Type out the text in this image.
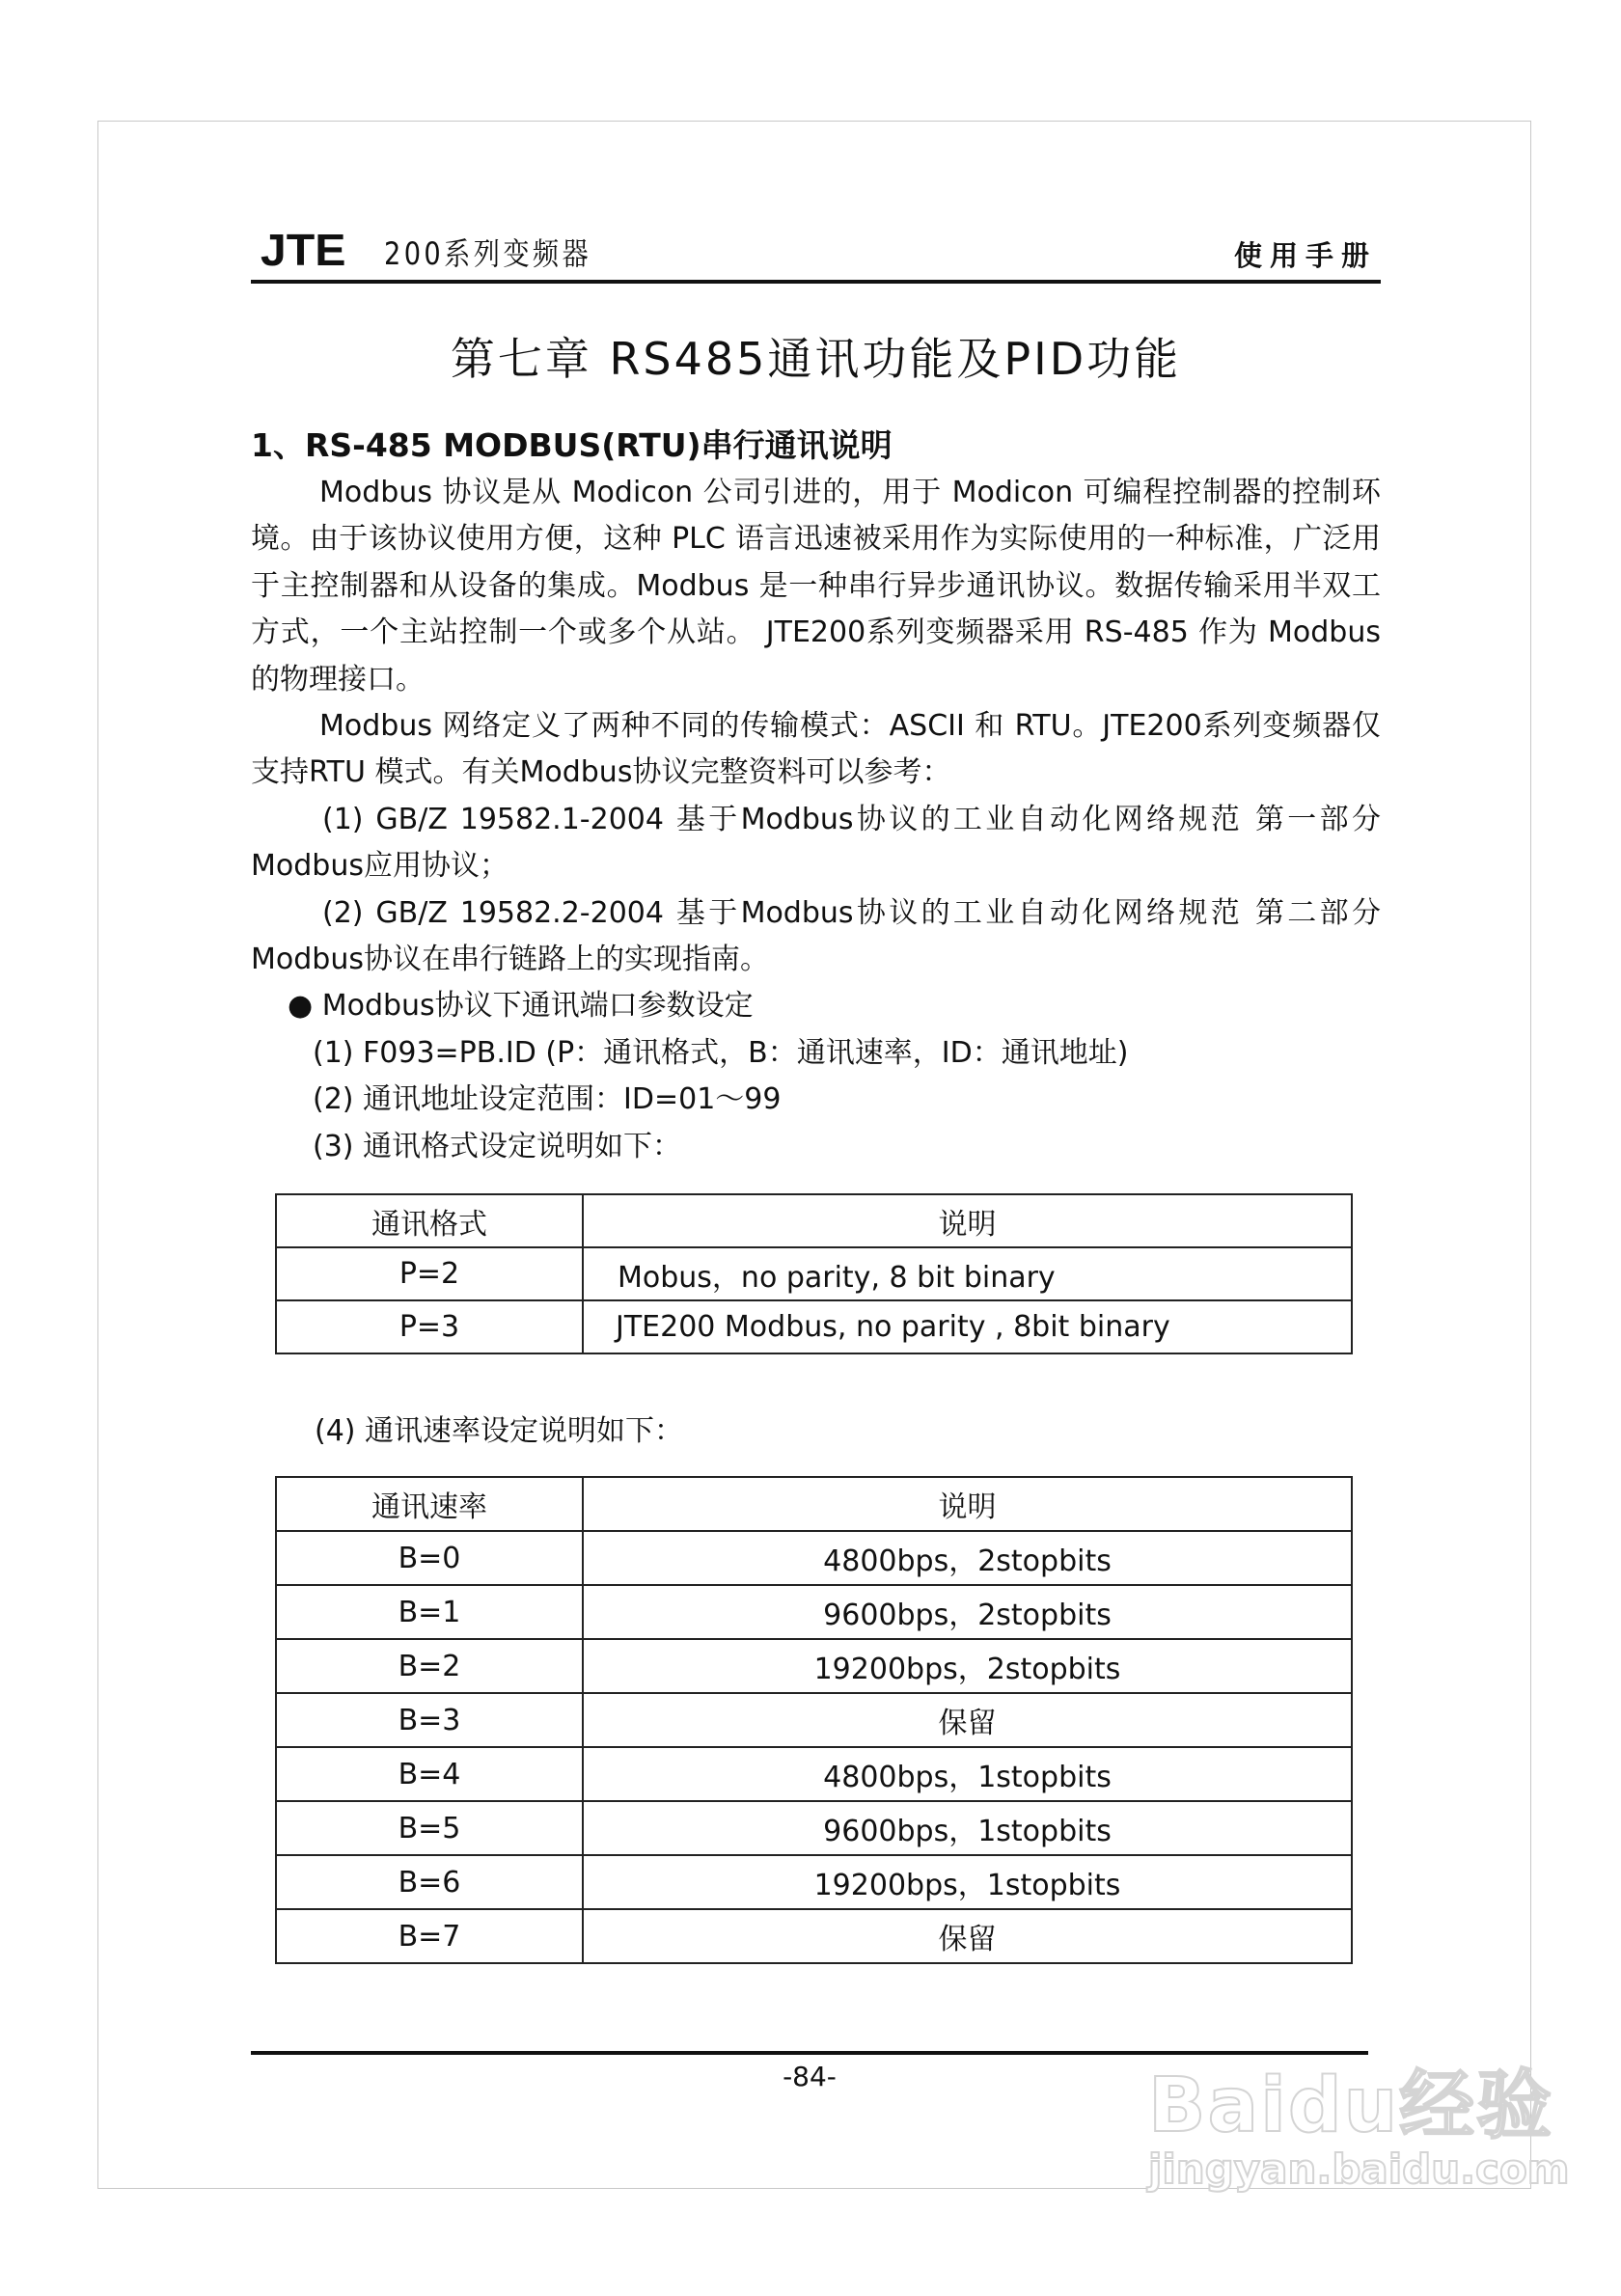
JTE 200系列变频器	使用手册
第七章 RS485通讯功能及PID功能
1、RS-485 MODBUS(RTU)串行通讯说明
Modbus 协议是从 Modicon 公司引进的，用于 Modicon 可编程控制器的控制环境。由于该协议使用方便，这种 PLC 语言迅速被采用作为实际使用的一种标准，广泛用于主控制器和从设备的集成。Modbus 是一种串行异步通讯协议。数据传输采用半双工方式，一个主站控制一个或多个从站。 JTE200系列变频器采用 RS-485 作为 Modbus 的物理接口。
Modbus 网络定义了两种不同的传输模式：ASCII 和 RTU。JTE200系列变频器仅支持RTU 模式。有关Modbus协议完整资料可以参考：
(1) GB/Z 19582.1-2004 基于Modbus协议的工业自动化网络规范 第一部分 Modbus应用协议；
(2) GB/Z 19582.2-2004 基于Modbus协议的工业自动化网络规范 第二部分 Modbus协议在串行链路上的实现指南。
● Modbus协议下通讯端口参数设定
(1) F093=PB.ID (P：通讯格式，B：通讯速率，ID：通讯地址)
(2) 通讯地址设定范围：ID=01～99
(3) 通讯格式设定说明如下：
通讯格式	说明
P=2	Mobus，no parity, 8 bit binary
P=3	JTE200 Modbus, no parity , 8bit binary
(4) 通讯速率设定说明如下：
通讯速率	说明
B=0	4800bps，2stopbits
B=1	9600bps，2stopbits
B=2	19200bps，2stopbits
B=3	保留
B=4	4800bps，1stopbits
B=5	9600bps，1stopbits
B=6	19200bps，1stopbits
B=7	保留
-84-	Baidu经验
jingyan.baidu.com
